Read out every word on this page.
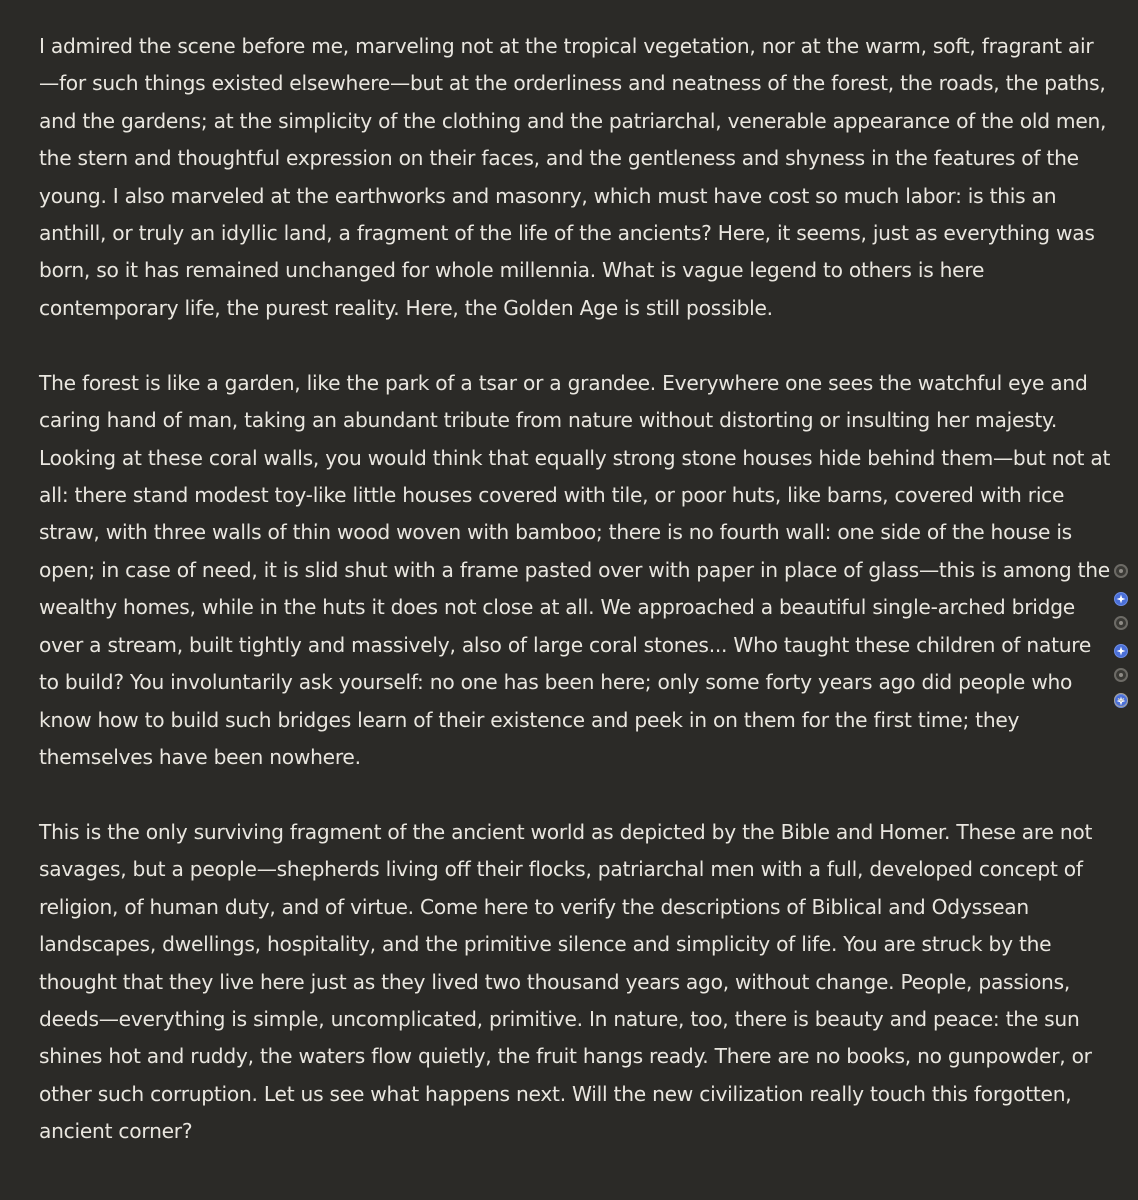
I admired the scene before me, marveling not at the tropical vegetation, nor at the warm, soft, fragrant air—for such things existed elsewhere—but at the orderliness and neatness of the forest, the roads, the paths, and the gardens; at the simplicity of the clothing and the patriarchal, venerable appearance of the old men, the stern and thoughtful expression on their faces, and the gentleness and shyness in the features of the young. I also marveled at the earthworks and masonry, which must have cost so much labor: is this an anthill, or truly an idyllic land, a fragment of the life of the ancients? Here, it seems, just as everything was born, so it has remained unchanged for whole millennia. What is vague legend to others is here contemporary life, the purest reality. Here, the Golden Age is still possible.

The forest is like a garden, like the park of a tsar or a grandee. Everywhere one sees the watchful eye and caring hand of man, taking an abundant tribute from nature without distorting or insulting her majesty. Looking at these coral walls, you would think that equally strong stone houses hide behind them—but not at all: there stand modest toy-like little houses covered with tile, or poor huts, like barns, covered with rice straw, with three walls of thin wood woven with bamboo; there is no fourth wall: one side of the house is open; in case of need, it is slid shut with a frame pasted over with paper in place of glass—this is among the wealthy homes, while in the huts it does not close at all. We approached a beautiful single-arched bridge over a stream, built tightly and massively, also of large coral stones... Who taught these children of nature to build? You involuntarily ask yourself: no one has been here; only some forty years ago did people who know how to build such bridges learn of their existence and peek in on them for the first time; they themselves have been nowhere.

This is the only surviving fragment of the ancient world as depicted by the Bible and Homer. These are not savages, but a people—shepherds living off their flocks, patriarchal men with a full, developed concept of religion, of human duty, and of virtue. Come here to verify the descriptions of Biblical and Odyssean landscapes, dwellings, hospitality, and the primitive silence and simplicity of life. You are struck by the thought that they live here just as they lived two thousand years ago, without change. People, passions, deeds—everything is simple, uncomplicated, primitive. In nature, too, there is beauty and peace: the sun shines hot and ruddy, the waters flow quietly, the fruit hangs ready. There are no books, no gunpowder, or other such corruption. Let us see what happens next. Will the new civilization really touch this forgotten, ancient corner?
